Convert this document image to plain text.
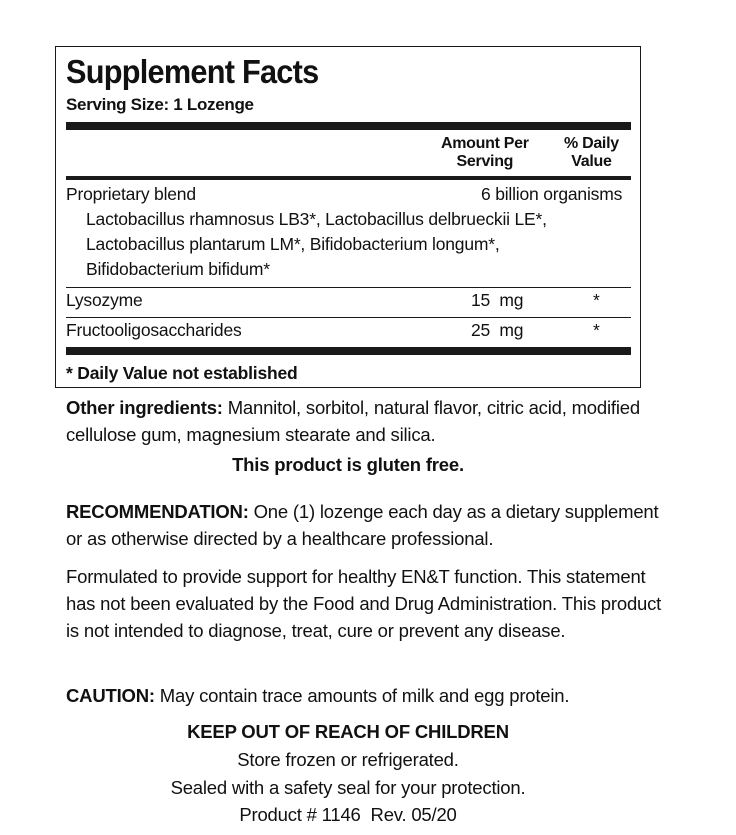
Supplement Facts
Serving Size: 1 Lozenge
Amount Per
Serving
% Daily
Value
Proprietary blend	6 billion organisms
Lactobacillus rhamnosus LB3*, Lactobacillus delbrueckii LE*,
Lactobacillus plantarum LM*, Bifidobacterium longum*,
Bifidobacterium bifidum*
Lysozyme	15  mg	*
Fructooligosaccharides	25  mg	*
* Daily Value not established
Other ingredients: Mannitol, sorbitol, natural flavor, citric acid, modified cellulose gum, magnesium stearate and silica.
This product is gluten free.
RECOMMENDATION: One (1) lozenge each day as a dietary supplement or as otherwise directed by a healthcare professional.
Formulated to provide support for healthy EN&T function. This statement has not been evaluated by the Food and Drug Administration. This product is not intended to diagnose, treat, cure or prevent any disease.
CAUTION: May contain trace amounts of milk and egg protein.
KEEP OUT OF REACH OF CHILDREN
Store frozen or refrigerated.
Sealed with a safety seal for your protection.
Product # 1146  Rev. 05/20
